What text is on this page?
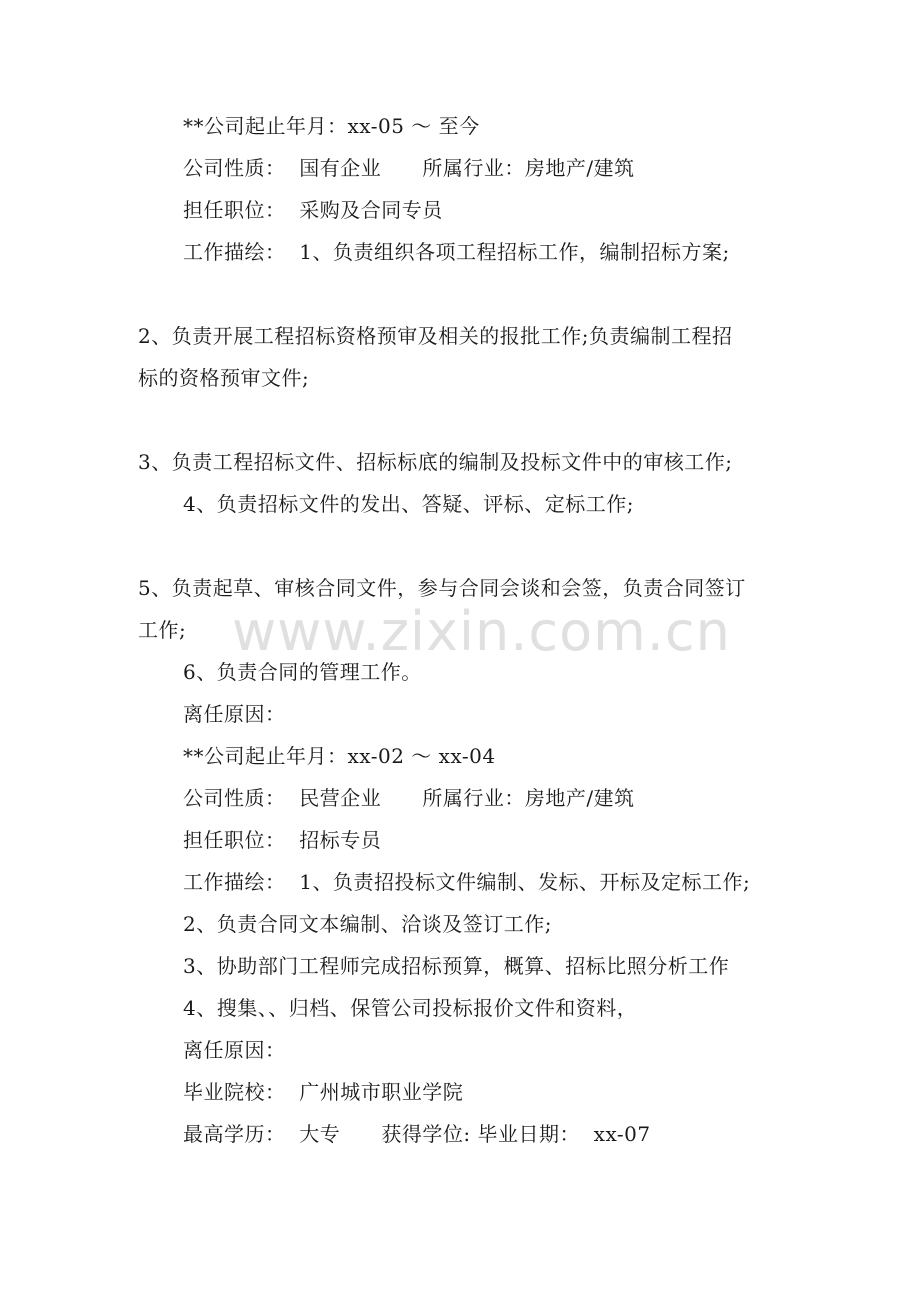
www.zixin.com.cn
**公司起止年月：xx-05 ～ 至今
公司性质：  国有企业      所属行业：房地产/建筑
担任职位：  采购及合同专员
工作描绘：  1、负责组织各项工程招标工作，编制招标方案;
2、负责开展工程招标资格预审及相关的报批工作;负责编制工程招
标的资格预审文件;
3、负责工程招标文件、招标标底的编制及投标文件中的审核工作;
4、负责招标文件的发出、答疑、评标、定标工作;
5、负责起草、审核合同文件，参与合同会谈和会签，负责合同签订
工作;
6、负责合同的管理工作。
离任原因：
**公司起止年月：xx-02 ～ xx-04
公司性质：  民营企业      所属行业：房地产/建筑
担任职位：  招标专员
工作描绘：  1、负责招投标文件编制、发标、开标及定标工作;
2、负责合同文本编制、洽谈及签订工作;
3、协助部门工程师完成招标预算，概算、招标比照分析工作
4、搜集、、归档、保管公司投标报价文件和资料，
离任原因：
毕业院校：  广州城市职业学院
最高学历：  大专      获得学位: 毕业日期：  xx-07
